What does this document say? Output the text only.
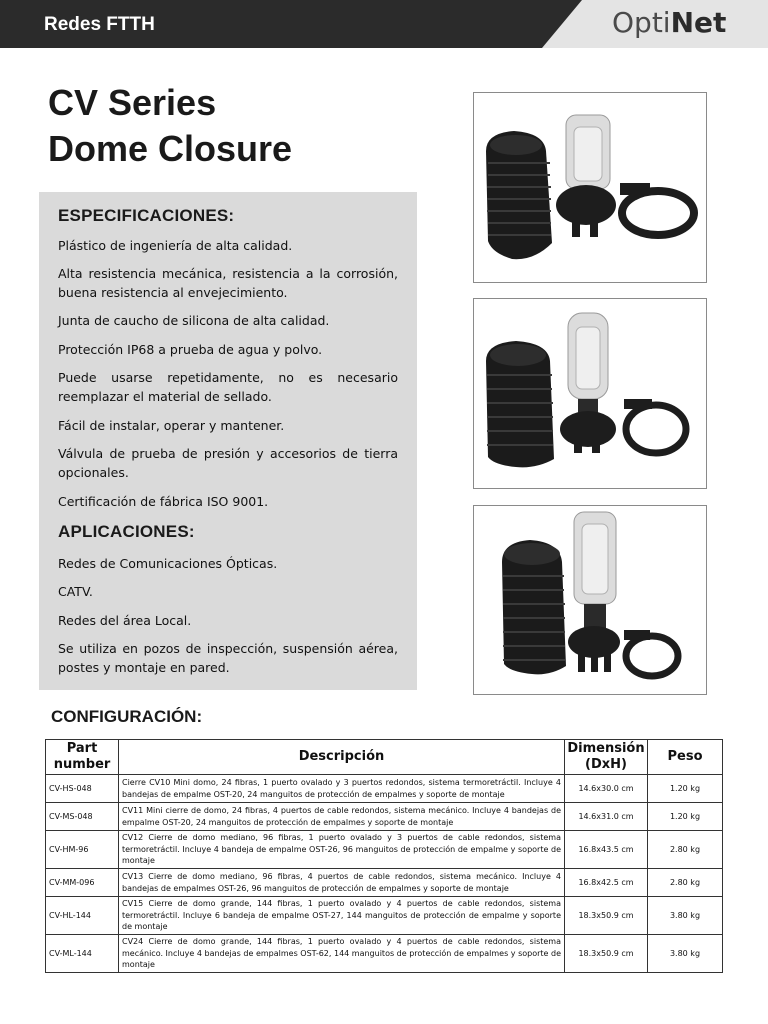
Redes FTTH	OptiNet
CV Series
Dome Closure
ESPECIFICACIONES:
Plástico de ingeniería de alta calidad.
Alta resistencia mecánica, resistencia a la corrosión, buena resistencia al envejecimiento.
Junta de caucho de silicona de alta calidad.
Protección IP68 a prueba de agua y polvo.
Puede usarse repetidamente, no es necesario reemplazar el material de sellado.
Fácil de instalar, operar y mantener.
Válvula de prueba de presión y accesorios de tierra opcionales.
Certificación de fábrica ISO 9001.
APLICACIONES:
Redes de Comunicaciones Ópticas.
CATV.
Redes del área Local.
Se utiliza en pozos de inspección, suspensión aérea, postes y montaje en pared.
CONFIGURACIÓN:
Part number	Descripción	Dimensión (DxH)	Peso
CV-HS-048	Cierre CV10 Mini domo, 24 fibras, 1 puerto ovalado y 3 puertos redondos, sistema termoretráctil. Incluye 4 bandejas de empalme OST-20, 24 manguitos de protección de empalmes y soporte de montaje	14.6x30.0 cm	1.20 kg
CV-MS-048	CV11 Mini cierre de domo, 24 fibras, 4 puertos de cable redondos, sistema mecánico. Incluye 4 bandejas de empalme OST-20, 24 manguitos de protección de empalmes y soporte de montaje	14.6x31.0 cm	1.20 kg
CV-HM-96	CV12 Cierre de domo mediano, 96 fibras, 1 puerto ovalado y 3 puertos de cable redondos, sistema termoretráctil. Incluye 4 bandeja de empalme OST-26, 96 manguitos de protección de empalme y soporte de montaje	16.8x43.5 cm	2.80 kg
CV-MM-096	CV13 Cierre de domo mediano, 96 fibras, 4 puertos de cable redondos, sistema mecánico. Incluye 4 bandejas de empalmes OST-26, 96 manguitos de protección de empalmes y soporte de montaje	16.8x42.5 cm	2.80 kg
CV-HL-144	CV15 Cierre de domo grande, 144 fibras, 1 puerto ovalado y 4 puertos de cable redondos, sistema termoretráctil. Incluye 6 bandeja de empalme OST-27, 144 manguitos de protección de empalme y soporte de montaje	18.3x50.9 cm	3.80 kg
CV-ML-144	CV24 Cierre de domo grande, 144 fibras, 1 puerto ovalado y 4 puertos de cable redondos, sistema mecánico. Incluye 4 bandejas de empalmes OST-62, 144 manguitos de protección de empalmes y soporte de montaje	18.3x50.9 cm	3.80 kg
